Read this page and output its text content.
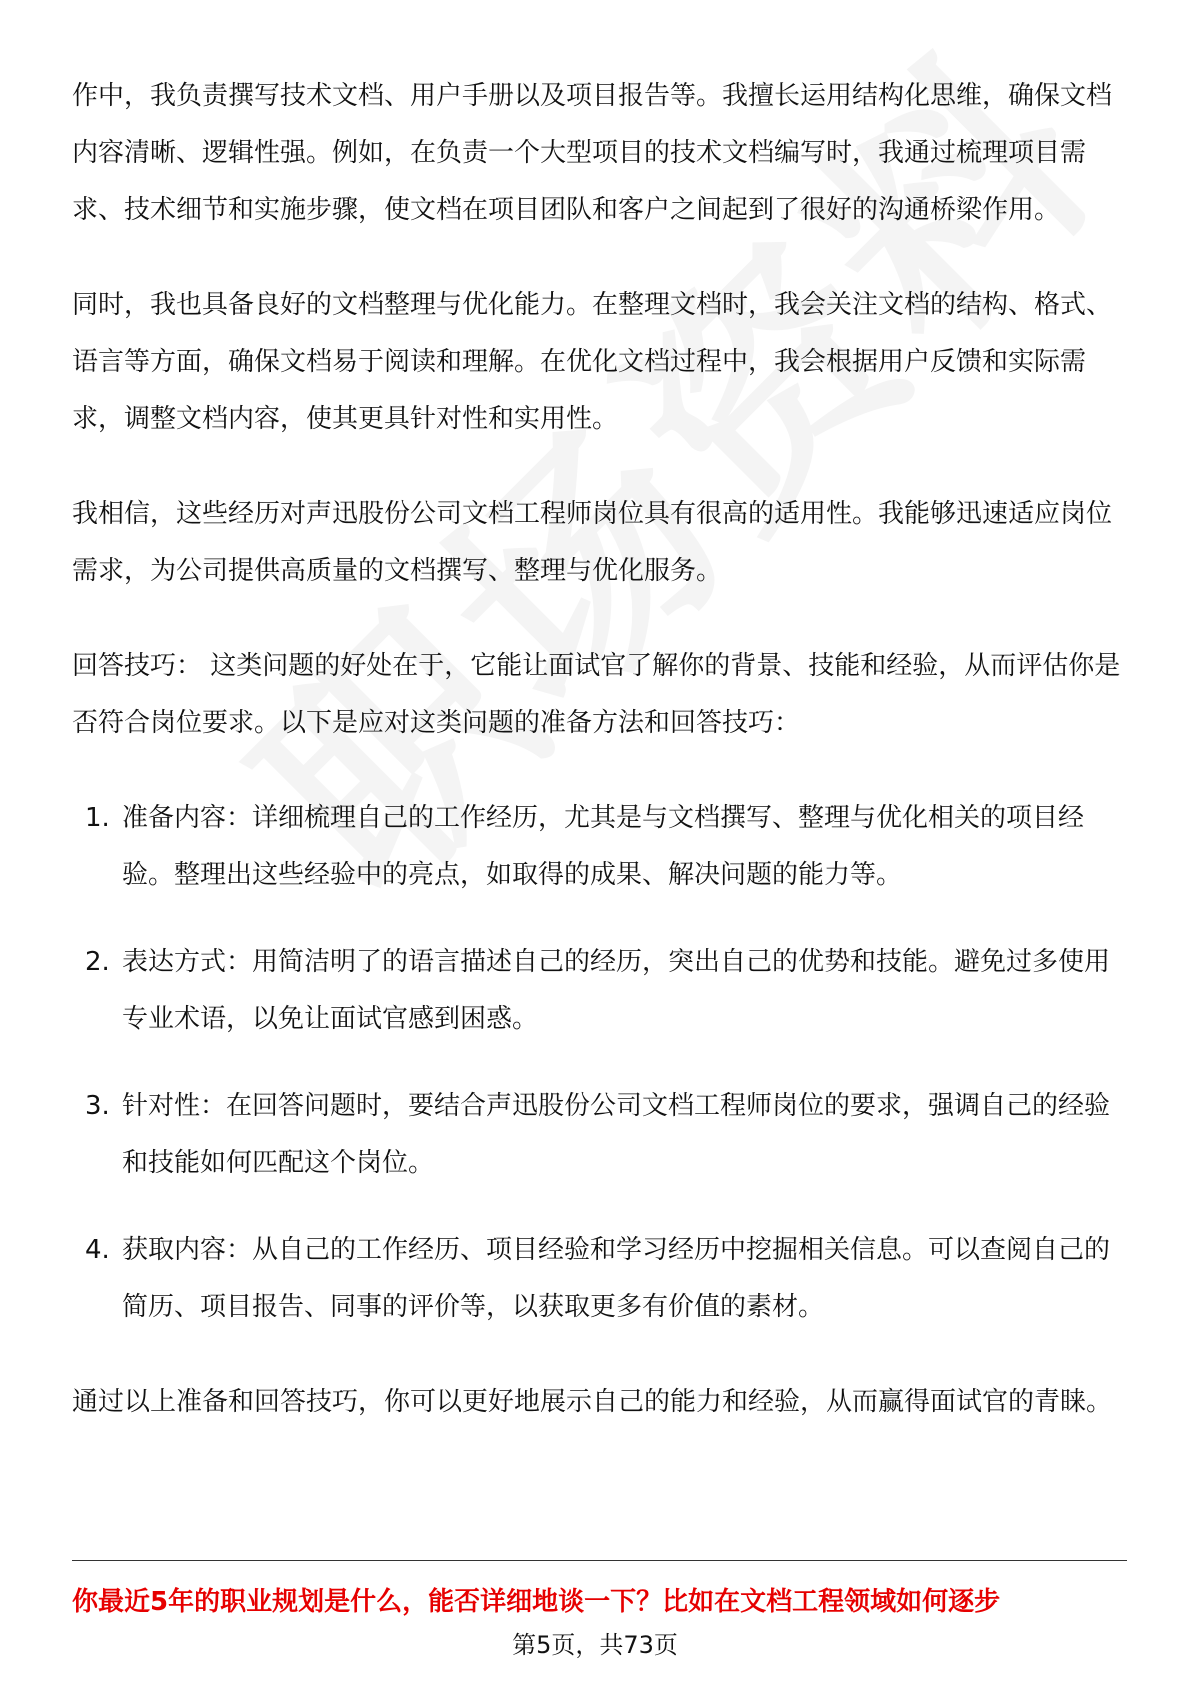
作中，我负责撰写技术文档、用户手册以及项目报告等。我擅长运用结构化思维，确保文档内容清晰、逻辑性强。例如，在负责一个大型项目的技术文档编写时，我通过梳理项目需求、技术细节和实施步骤，使文档在项目团队和客户之间起到了很好的沟通桥梁作用。

同时，我也具备良好的文档整理与优化能力。在整理文档时，我会关注文档的结构、格式、语言等方面，确保文档易于阅读和理解。在优化文档过程中，我会根据用户反馈和实际需求，调整文档内容，使其更具针对性和实用性。

我相信，这些经历对声迅股份公司文档工程师岗位具有很高的适用性。我能够迅速适应岗位需求，为公司提供高质量的文档撰写、整理与优化服务。

回答技巧： 这类问题的好处在于，它能让面试官了解你的背景、技能和经验，从而评估你是否符合岗位要求。以下是应对这类问题的准备方法和回答技巧：

1. 准备内容：详细梳理自己的工作经历，尤其是与文档撰写、整理与优化相关的项目经验。整理出这些经验中的亮点，如取得的成果、解决问题的能力等。
2. 表达方式：用简洁明了的语言描述自己的经历，突出自己的优势和技能。避免过多使用专业术语，以免让面试官感到困惑。
3. 针对性：在回答问题时，要结合声迅股份公司文档工程师岗位的要求，强调自己的经验和技能如何匹配这个岗位。
4. 获取内容：从自己的工作经历、项目经验和学习经历中挖掘相关信息。可以查阅自己的简历、项目报告、同事的评价等，以获取更多有价值的素材。

通过以上准备和回答技巧，你可以更好地展示自己的能力和经验，从而赢得面试官的青睐。

你最近5年的职业规划是什么，能否详细地谈一下？比如在文档工程领域如何逐步
第5页，共73页
